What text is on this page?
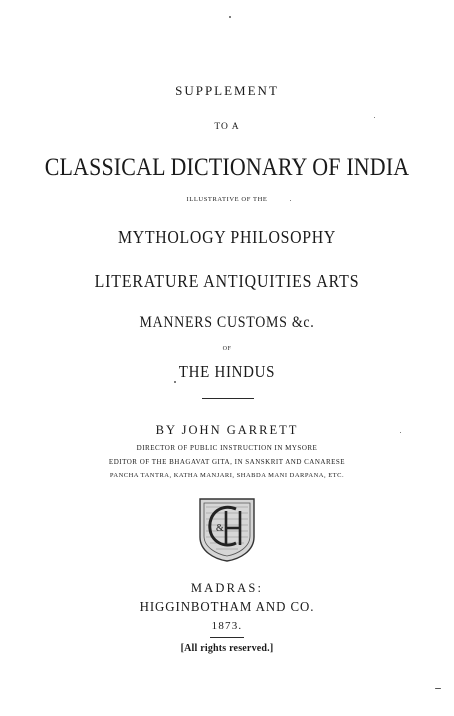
SUPPLEMENT
TO A
CLASSICAL DICTIONARY OF INDIA
ILLUSTRATIVE OF THE
MYTHOLOGY PHILOSOPHY
LITERATURE ANTIQUITIES ARTS
MANNERS CUSTOMS &c.
OF
THE HINDUS
BY JOHN GARRETT
DIRECTOR OF PUBLIC INSTRUCTION IN MYSORE
EDITOR OF THE BHAGAVAT GITA, IN SANSKRIT AND CANARESE
PANCHA TANTRA, KATHA MANJARI, SHABDA MANI DARPANA, ETC.
&
MADRAS:
HIGGINBOTHAM AND CO.
1873.
[All rights reserved.]
